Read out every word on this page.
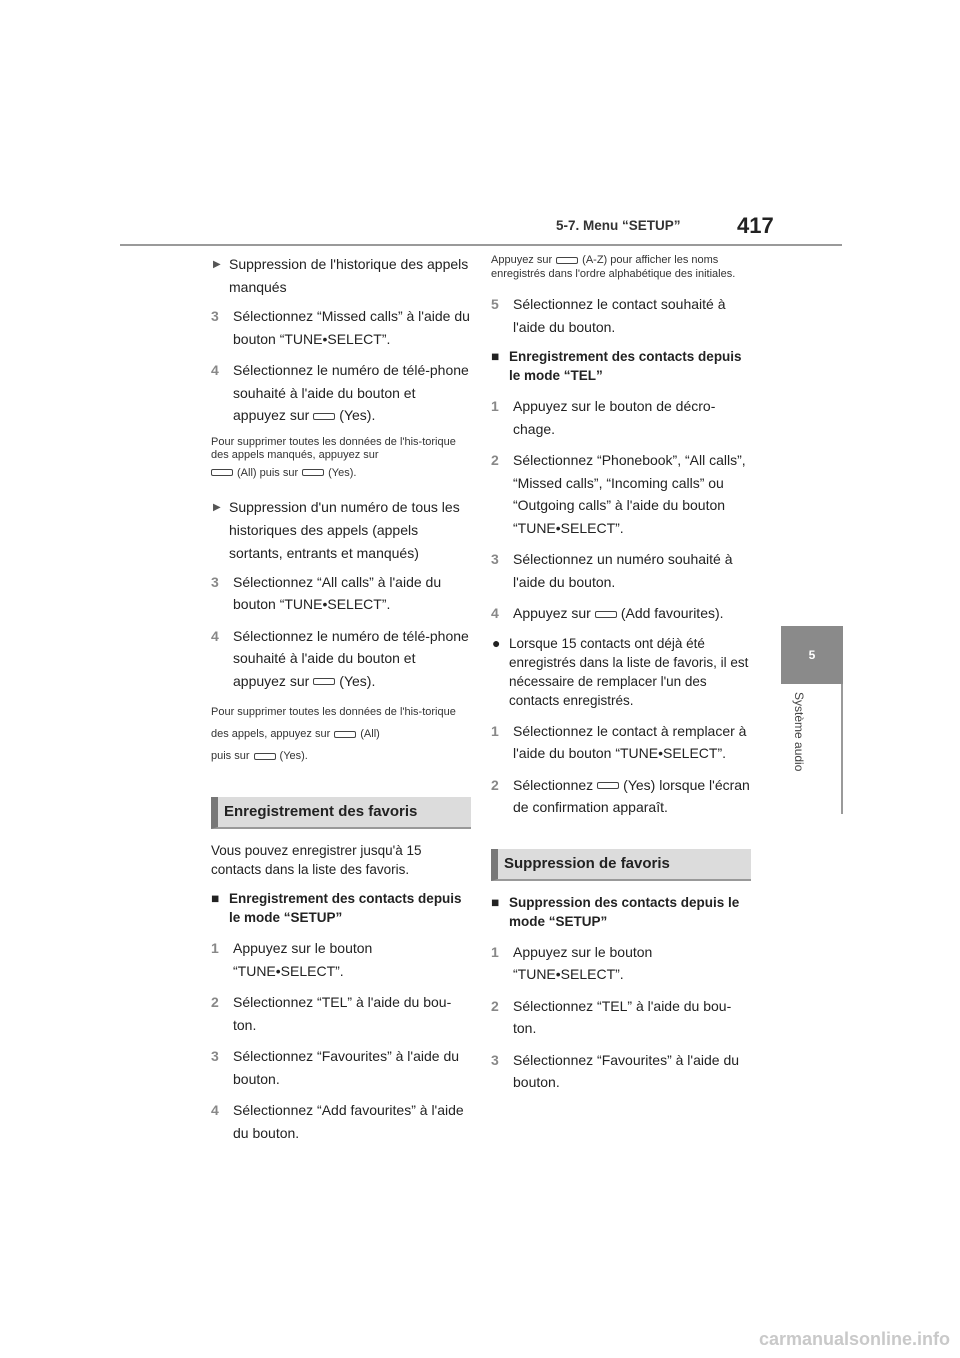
5-7. Menu “SETUP”	417
5
Système audio
▶ Suppression de l'historique des appels manqués
3 Sélectionnez “Missed calls” à l'aide du bouton “TUNE•SELECT”.
4 Sélectionnez le numéro de télé-phone souhaité à l'aide du bouton et appuyez sur (Yes).
Pour supprimer toutes les données de l'his-torique des appels manqués, appuyez sur
(All) puis sur	(Yes).
▶ Suppression d'un numéro de tous les historiques des appels (appels sortants, entrants et manqués)
3 Sélectionnez “All calls” à l'aide du bouton “TUNE•SELECT”.
4 Sélectionnez le numéro de télé-phone souhaité à l'aide du bouton et appuyez sur (Yes).
Pour supprimer toutes les données de l'his-torique des appels, appuyez sur	(All)
puis sur	(Yes).
Enregistrement des favoris
Vous pouvez enregistrer jusqu'à 15 contacts dans la liste des favoris.
■ Enregistrement des contacts depuis le mode “SETUP”
1 Appuyez sur le bouton “TUNE•SELECT”.
2 Sélectionnez “TEL” à l'aide du bou-ton.
3 Sélectionnez “Favourites” à l'aide du bouton.
4 Sélectionnez “Add favourites” à l'aide du bouton.
Appuyez sur	(A-Z) pour afficher les noms enregistrés dans l'ordre alphabétique des initiales.
5 Sélectionnez le contact souhaité à l'aide du bouton.
■ Enregistrement des contacts depuis le mode “TEL”
1 Appuyez sur le bouton de décro-chage.
2 Sélectionnez “Phonebook”, “All calls”, “Missed calls”, “Incoming calls” ou “Outgoing calls” à l'aide du bouton “TUNE•SELECT”.
3 Sélectionnez un numéro souhaité à l'aide du bouton.
4 Appuyez sur (Add favourites).
● Lorsque 15 contacts ont déjà été enregistrés dans la liste de favoris, il est nécessaire de remplacer l'un des contacts enregistrés.
1 Sélectionnez le contact à remplacer à l'aide du bouton “TUNE•SELECT”.
2 Sélectionnez (Yes) lorsque l'écran de confirmation apparaît.
Suppression de favoris
■ Suppression des contacts depuis le mode “SETUP”
1 Appuyez sur le bouton “TUNE•SELECT”.
2 Sélectionnez “TEL” à l'aide du bou-ton.
3 Sélectionnez “Favourites” à l'aide du bouton.
carmanualsonline.info
